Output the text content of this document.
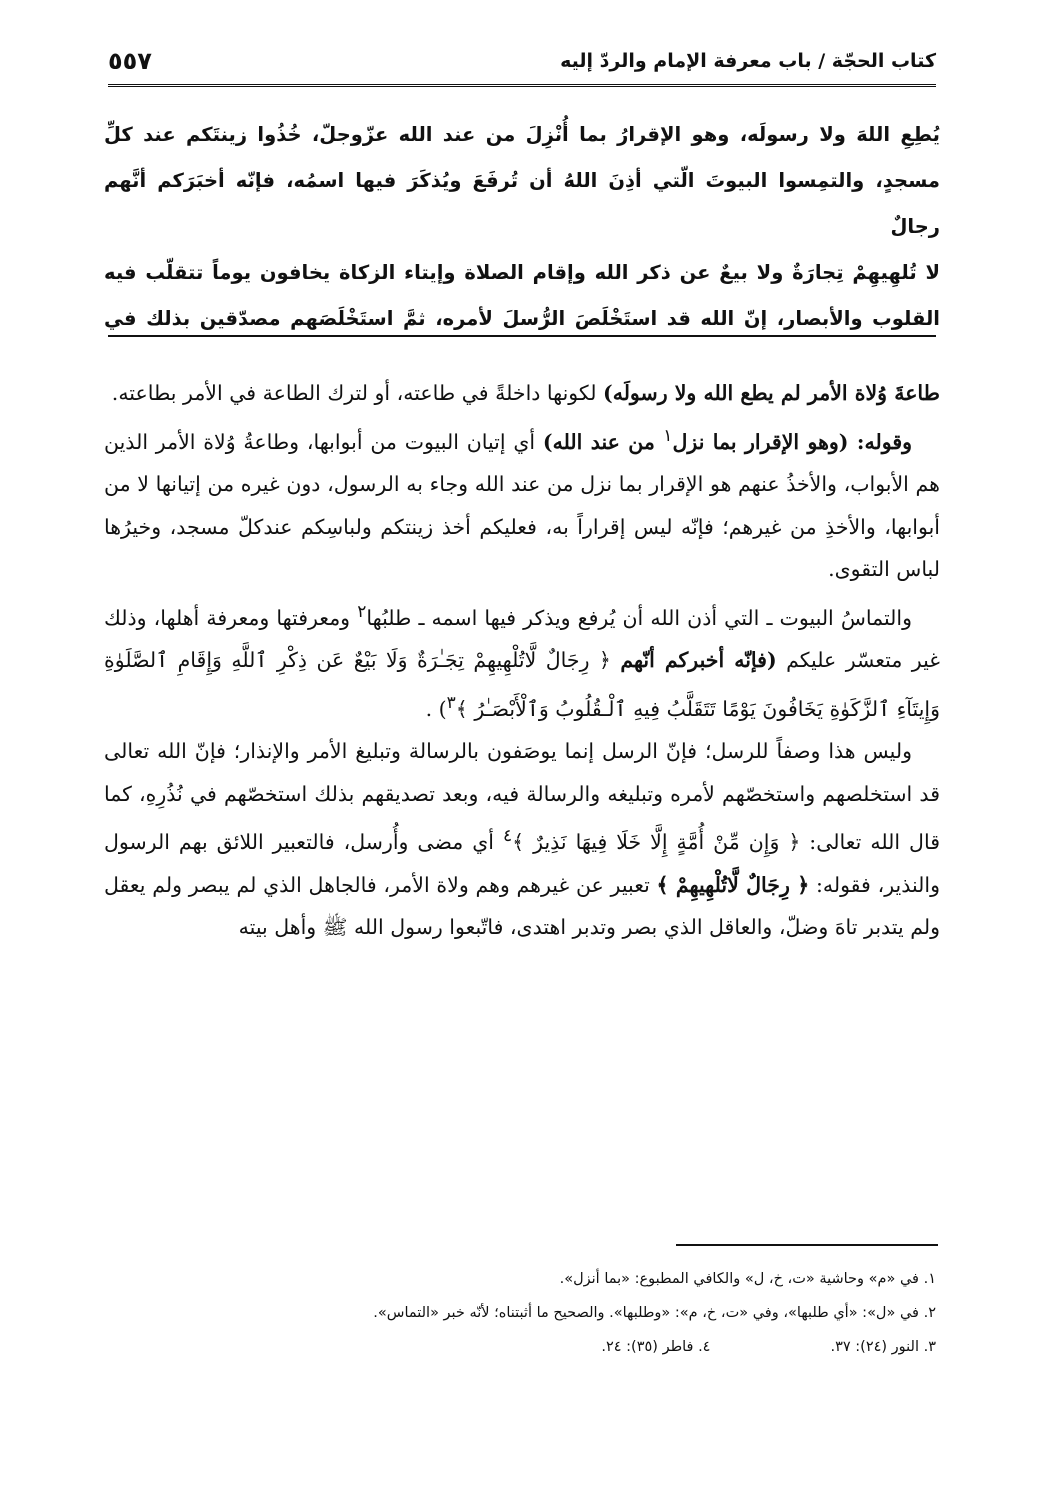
كتاب الحجّة / باب معرفة الإمام والردّ إليه
٥٥٧
يُطِعِ اللهَ ولا رسولَه، وهو الإقرارُ بما أُنْزِلَ من عند الله عزّوجلّ، خُذُوا زينتَكم عند كلِّ
مسجدٍ، والتمِسوا البيوتَ الّتي أذِنَ اللهُ أن تُرفَعَ ويُذكَرَ فيها اسمُه، فإنّه أخبَرَكم أنَّهم رجالٌ
لا تُلهِيهِمْ تِجارَةٌ ولا بيعٌ عن ذكر الله وإقام الصلاة وإيتاء الزكاة يخافون يوماً تتقلّب فيه
القلوب والأبصار، إنّ الله قد استَخْلَصَ الرُّسلَ لأمره، ثمَّ استَخْلَصَهم مصدّقين بذلك في

طاعةَ وُلاة الأمر لم يطع الله ولا رسولَه) لكونها داخلةً في طاعته، أو لترك الطاعة في الأمر بطاعته.

وقوله: (وهو الإقرار بما نزل$^١$ من عند الله) أي إتيان البيوت من أبوابها، وطاعةُ وُلاة الأمر الذين هم الأبواب، والأخذُ عنهم هو الإقرار بما نزل من عند الله وجاء به الرسول، دون غيره من إتيانها لا من أبوابها، والأخذِ من غيرهم؛ فإنّه ليس إقراراً به، فعليكم أخذ زينتكم ولباسِكم عندكلّ مسجد، وخيرُها لباس التقوى.

والتماسُ البيوت ـ التي أذن الله أن يُرفع ويذكر فيها اسمه ـ طلبُها$^٢$ ومعرفتها ومعرفة أهلها، وذلك غير متعسّر عليكم (فإنّه أخبركم أنّهم ﴿ رِجَالٌ لَّاتُلْهِيهِمْ تِجَـٰرَةٌ وَلَا بَيْعٌ عَن ذِكْرِ ٱللَّهِ وَإِقَامِ ٱلصَّلَوٰةِ وَإِيتَآءِ ٱلزَّكَوٰةِ يَخَافُونَ يَوْمًا تَتَقَلَّبُ فِيهِ ٱلْـقُلُوبُ وَٱلْأَبْصَـٰرُ ﴾$^٣$) .

وليس هذا وصفاً للرسل؛ فإنّ الرسل إنما يوصَفون بالرسالة وتبليغ الأمر والإنذار؛ فإنّ الله تعالى قد استخلصهم واستخصّهم لأمره وتبليغه والرسالة فيه، وبعد تصديقهم بذلك استخصّهم في نُذُرِهِ، كما قال الله تعالى: ﴿ وَإِن مِّنْ أُمَّةٍ إِلَّا خَلَا فِيهَا نَذِيرٌ ﴾$^٤$ أي مضى وأُرسل، فالتعبير اللائق بهم الرسول والنذير، فقوله: ﴿ رِجَالٌ لَّاتُلْهِيهِمْ ﴾ تعبير عن غيرهم وهم ولاة الأمر، فالجاهل الذي لم يبصر ولم يعقل ولم يتدبر تاهَ وضلّ، والعاقل الذي بصر وتدبر اهتدى، فاتّبعوا رسول الله ﷺ وأهل بيته

١. في «م» وحاشية «ت، خ، ل» والكافي المطبوع: «بما أنزل».
٢. في «ل»: «أي طلبها»، وفي «ت، خ، م»: «وطلبها». والصحيح ما أثبتناه؛ لأنّه خبر «التماس».
٣. النور (٢٤): ٣٧.
٤. فاطر (٣٥): ٢٤.
